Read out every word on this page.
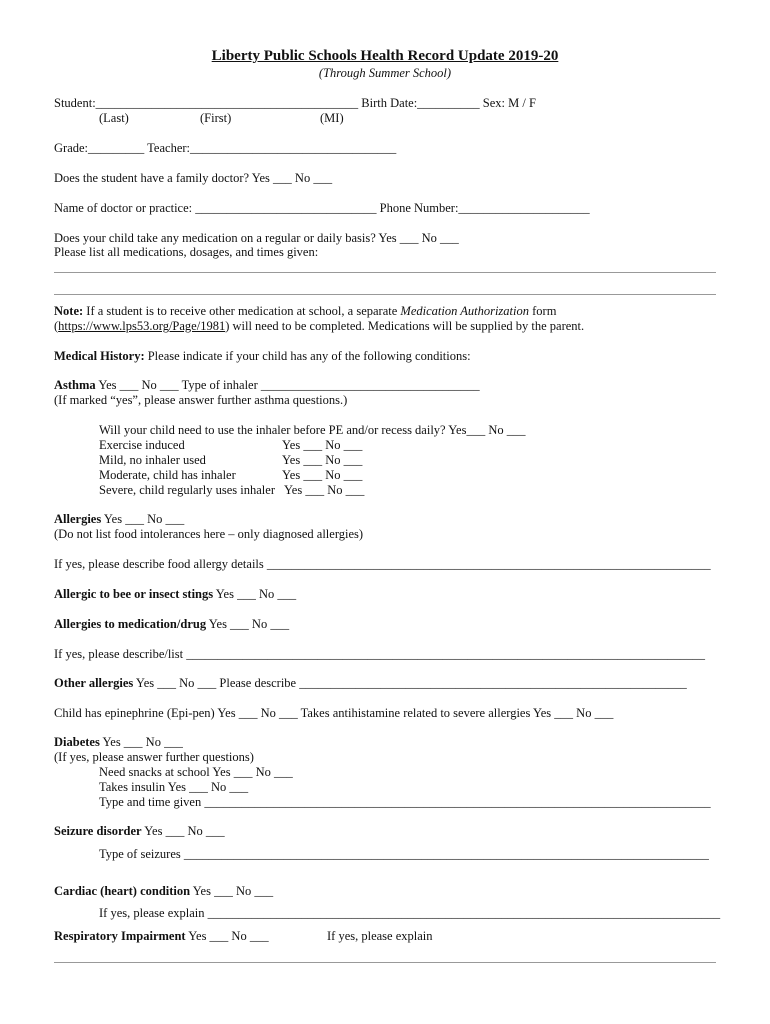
Liberty Public Schools Health Record Update 2019-20
(Through Summer School)
Student:__________________________________________ Birth Date:__________ Sex: M / F
(Last)	(First)	(MI)
Grade:_________ Teacher:_________________________________
Does the student have a family doctor? Yes ___ No ___
Name of doctor or practice: _____________________________ Phone Number:_____________________
Does your child take any medication on a regular or daily basis? Yes ___ No ___
Please list all medications, dosages, and times given:
Note: If a student is to receive other medication at school, a separate Medication Authorization form
(https://www.lps53.org/Page/1981) will need to be completed. Medications will be supplied by the parent.
Medical History: Please indicate if your child has any of the following conditions:
Asthma Yes ___ No ___ Type of inhaler ___________________________________
(If marked “yes”, please answer further asthma questions.)
Will your child need to use the inhaler before PE and/or recess daily? Yes___ No ___
Exercise induced	Yes ___ No ___
Mild, no inhaler used	Yes ___ No ___
Moderate, child has inhaler	Yes ___ No ___
Severe, child regularly uses inhaler Yes ___ No ___
Allergies Yes ___ No ___
(Do not list food intolerances here – only diagnosed allergies)
If yes, please describe food allergy details _______________________________________________________________________
Allergic to bee or insect stings Yes ___ No ___
Allergies to medication/drug Yes ___ No ___
If yes, please describe/list ___________________________________________________________________________________
Other allergies Yes ___ No ___ Please describe ______________________________________________________________
Child has epinephrine (Epi-pen) Yes ___ No ___ Takes antihistamine related to severe allergies Yes ___ No ___
Diabetes Yes ___ No ___
(If yes, please answer further questions)
Need snacks at school Yes ___ No ___
Takes insulin Yes ___ No ___
Type and time given _________________________________________________________________________________
Seizure disorder Yes ___ No ___
Type of seizures ____________________________________________________________________________________
Cardiac (heart) condition Yes ___ No ___
If yes, please explain __________________________________________________________________________________
Respiratory Impairment Yes ___ No ___	If yes, please explain
